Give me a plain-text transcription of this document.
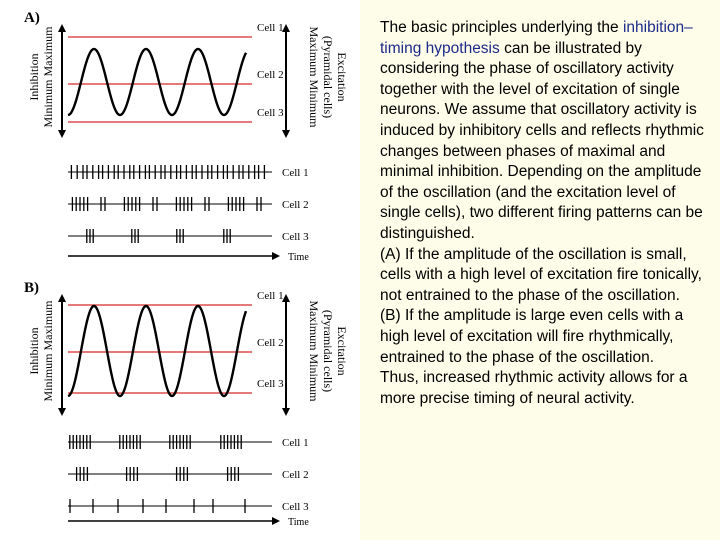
A)
Inhibition Minimum Maximum	Excitation
(Pyramidal cells)
Maximum Minimum
Cell 1
Cell 2
Cell 3
Cell 1
Cell 2
Cell 3
Time
B)
Inhibition Minimum Maximum	Excitation
(Pyramidal cells)
Maximum Minimum
Cell 1
Cell 2
Cell 3
Cell 1
Cell 2
Cell 3
Time

The basic principles underlying the inhibition–timing hypothesis can be illustrated by considering the phase of oscillatory activity together with the level of excitation of single neurons. We assume that oscillatory activity is induced by inhibitory cells and reflects rhythmic changes between phases of maximal and minimal inhibition. Depending on the amplitude of the oscillation (and the excitation level of single cells), two different firing patterns can be distinguished.

(A) If the amplitude of the oscillation is small, cells with a high level of excitation fire tonically, not entrained to the phase of the oscillation.

(B) If the amplitude is large even cells with a high level of excitation will fire rhythmically, entrained to the phase of the oscillation.

Thus, increased rhythmic activity allows for a more precise timing of neural activity.
